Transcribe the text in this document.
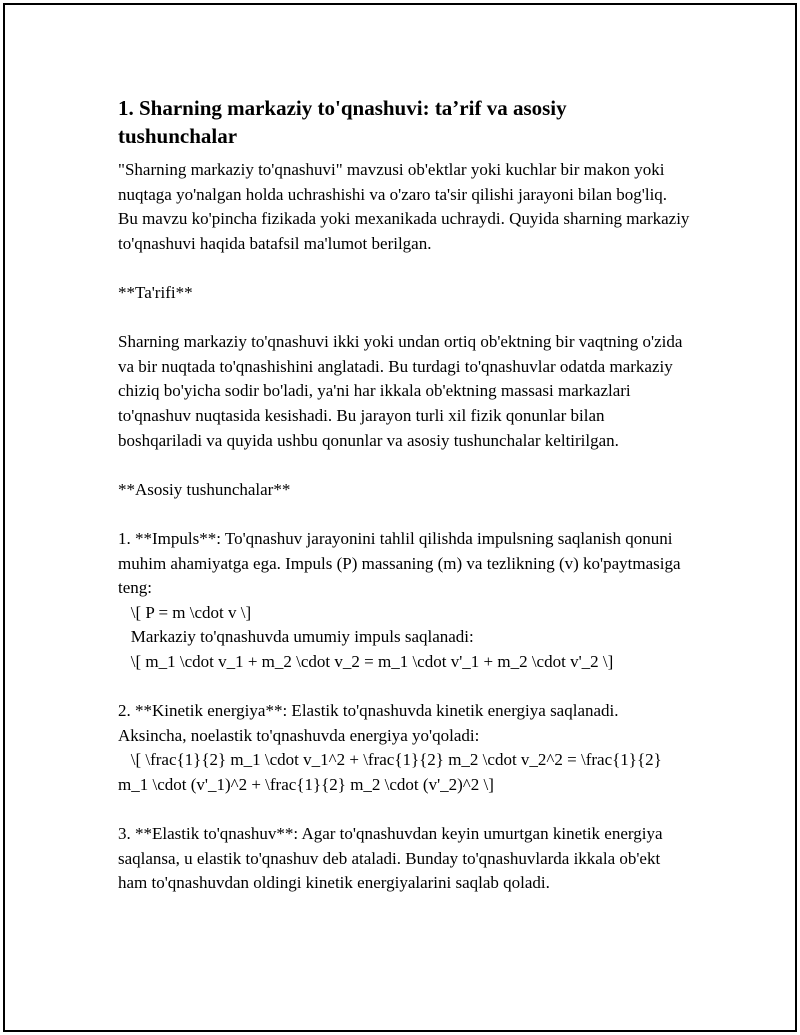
1. Sharning markaziy to'qnashuvi: ta’rif va asosiy tushunchalar

"Sharning markaziy to'qnashuvi" mavzusi ob'ektlar yoki kuchlar bir makon yoki nuqtaga yo'nalgan holda uchrashishi va o'zaro ta'sir qilishi jarayoni bilan bog'liq. Bu mavzu ko'pincha fizikada yoki mexanikada uchraydi. Quyida sharning markaziy to'qnashuvi haqida batafsil ma'lumot berilgan.

**Ta'rifi**

Sharning markaziy to'qnashuvi ikki yoki undan ortiq ob'ektning bir vaqtning o'zida va bir nuqtada to'qnashishini anglatadi. Bu turdagi to'qnashuvlar odatda markaziy chiziq bo'yicha sodir bo'ladi, ya'ni har ikkala ob'ektning massasi markazlari to'qnashuv nuqtasida kesishadi. Bu jarayon turli xil fizik qonunlar bilan boshqariladi va quyida ushbu qonunlar va asosiy tushunchalar keltirilgan.

**Asosiy tushunchalar**

1. **Impuls**: To'qnashuv jarayonini tahlil qilishda impulsning saqlanish qonuni muhim ahamiyatga ega. Impuls (P) massaning (m) va tezlikning (v) ko'paytmasiga teng:
\[ P = m \cdot v \]
Markaziy to'qnashuvda umumiy impuls saqlanadi:
\[ m_1 \cdot v_1 + m_2 \cdot v_2 = m_1 \cdot v'_1 + m_2 \cdot v'_2 \]

2. **Kinetik energiya**: Elastik to'qnashuvda kinetik energiya saqlanadi. Aksincha, noelastik to'qnashuvda energiya yo'qoladi:
\[ \frac{1}{2} m_1 \cdot v_1^2 + \frac{1}{2} m_2 \cdot v_2^2 = \frac{1}{2} m_1 \cdot (v'_1)^2 + \frac{1}{2} m_2 \cdot (v'_2)^2 \]

3. **Elastik to'qnashuv**: Agar to'qnashuvdan keyin umurtgan kinetik energiya saqlansa, u elastik to'qnashuv deb ataladi. Bunday to'qnashuvlarda ikkala ob'ekt ham to'qnashuvdan oldingi kinetik energiyalarini saqlab qoladi.
